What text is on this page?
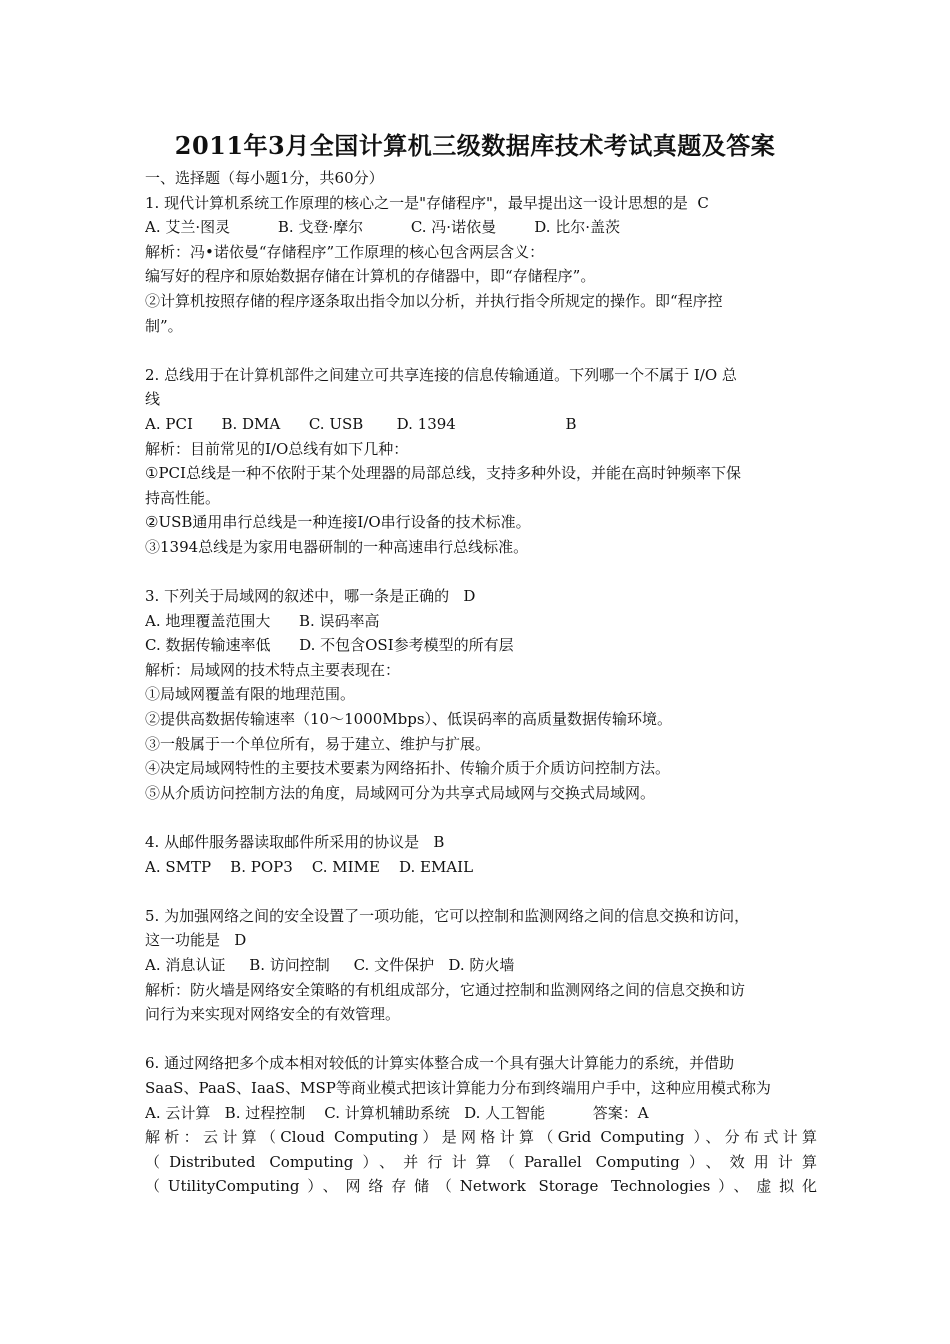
2011年3月全国计算机三级数据库技术考试真题及答案
一、选择题（每小题1分，共60分）
1. 现代计算机系统工作原理的核心之一是"存储程序"，最早提出这一设计思想的是  C
A. 艾兰·图灵          B. 戈登·摩尔          C. 冯·诺依曼        D. 比尔·盖茨
解析：冯•诺依曼“存储程序”工作原理的核心包含两层含义：
编写好的程序和原始数据存储在计算机的存储器中，即“存储程序”。
②计算机按照存储的程序逐条取出指令加以分析，并执行指令所规定的操作。即“程序控
制”。
2. 总线用于在计算机部件之间建立可共享连接的信息传输通道。下列哪一个不属于 I/O 总
线
A. PCI      B. DMA      C. USB       D. 1394                       B
解析：目前常见的I/O总线有如下几种：
①PCI总线是一种不依附于某个处理器的局部总线，支持多种外设，并能在高时钟频率下保
持高性能。
②USB通用串行总线是一种连接I/O串行设备的技术标准。
③1394总线是为家用电器研制的一种高速串行总线标准。
3. 下列关于局域网的叙述中，哪一条是正确的   D
A. 地理覆盖范围大      B. 误码率高
C. 数据传输速率低      D. 不包含OSI参考模型的所有层
解析：局域网的技术特点主要表现在：
①局域网覆盖有限的地理范围。
②提供高数据传输速率（10～1000Mbps）、低误码率的高质量数据传输环境。
③一般属于一个单位所有，易于建立、维护与扩展。
④决定局域网特性的主要技术要素为网络拓扑、传输介质于介质访问控制方法。
⑤从介质访问控制方法的角度，局域网可分为共享式局域网与交换式局域网。
4. 从邮件服务器读取邮件所采用的协议是   B
A. SMTP    B. POP3    C. MIME    D. EMAIL
5. 为加强网络之间的安全设置了一项功能，它可以控制和监测网络之间的信息交换和访问，
这一功能是   D
A. 消息认证     B. 访问控制     C. 文件保护   D. 防火墙
解析：防火墙是网络安全策略的有机组成部分，它通过控制和监测网络之间的信息交换和访
问行为来实现对网络安全的有效管理。
6. 通过网络把多个成本相对较低的计算实体整合成一个具有强大计算能力的系统，并借助
SaaS、PaaS、IaaS、MSP等商业模式把该计算能力分布到终端用户手中，这种应用模式称为
A. 云计算   B. 过程控制    C. 计算机辅助系统   D. 人工智能          答案：A
解析：云计算（Cloud Computing）是网格计算（Grid Computing ）、分布式计算
（Distributed Computing）、并行计算（Parallel Computing）、效用计算
（UtilityComputing）、网络存储（Network Storage Technologies）、虚拟化
